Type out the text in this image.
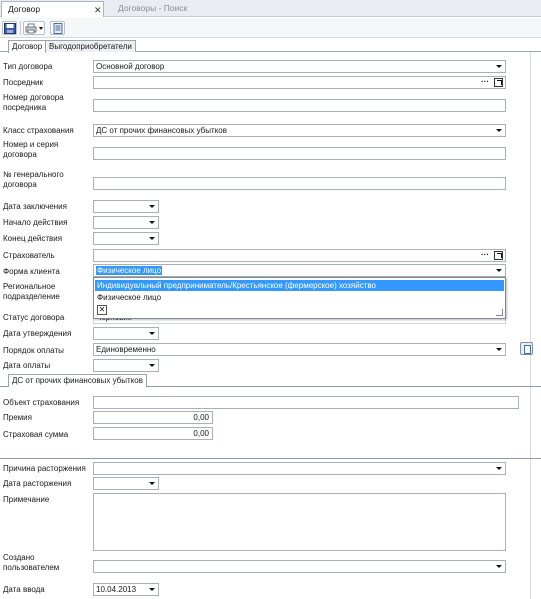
Договор	✕	Договоры - Поиск
Договор Выгодоприобретатели
Тип договора	Основной договор
Посредник	···
Номер договора посредника
Класс страхования	ДС от прочих финансовых убытков
Номер и серия договора
№ генерального договора
Дата заключения
Начало действия
Конец действия
Страхователь	···
Форма клиента	Физическое лицо
Региональное подразделение
Статус договора
Индивидуальный предприниматель/Крестьянское (фермерское) хозяйство
Физическое лицо
✕
Дата утверждения
Порядок оплаты	Единовременно
Дата оплаты
ДС от прочих финансовых убытков
Объект страхования
Премия	0,00
Страховая сумма	0,00
Причина расторжения
Дата расторжения
Примечание
Создано пользователем
Дата ввода	10.04.2013
